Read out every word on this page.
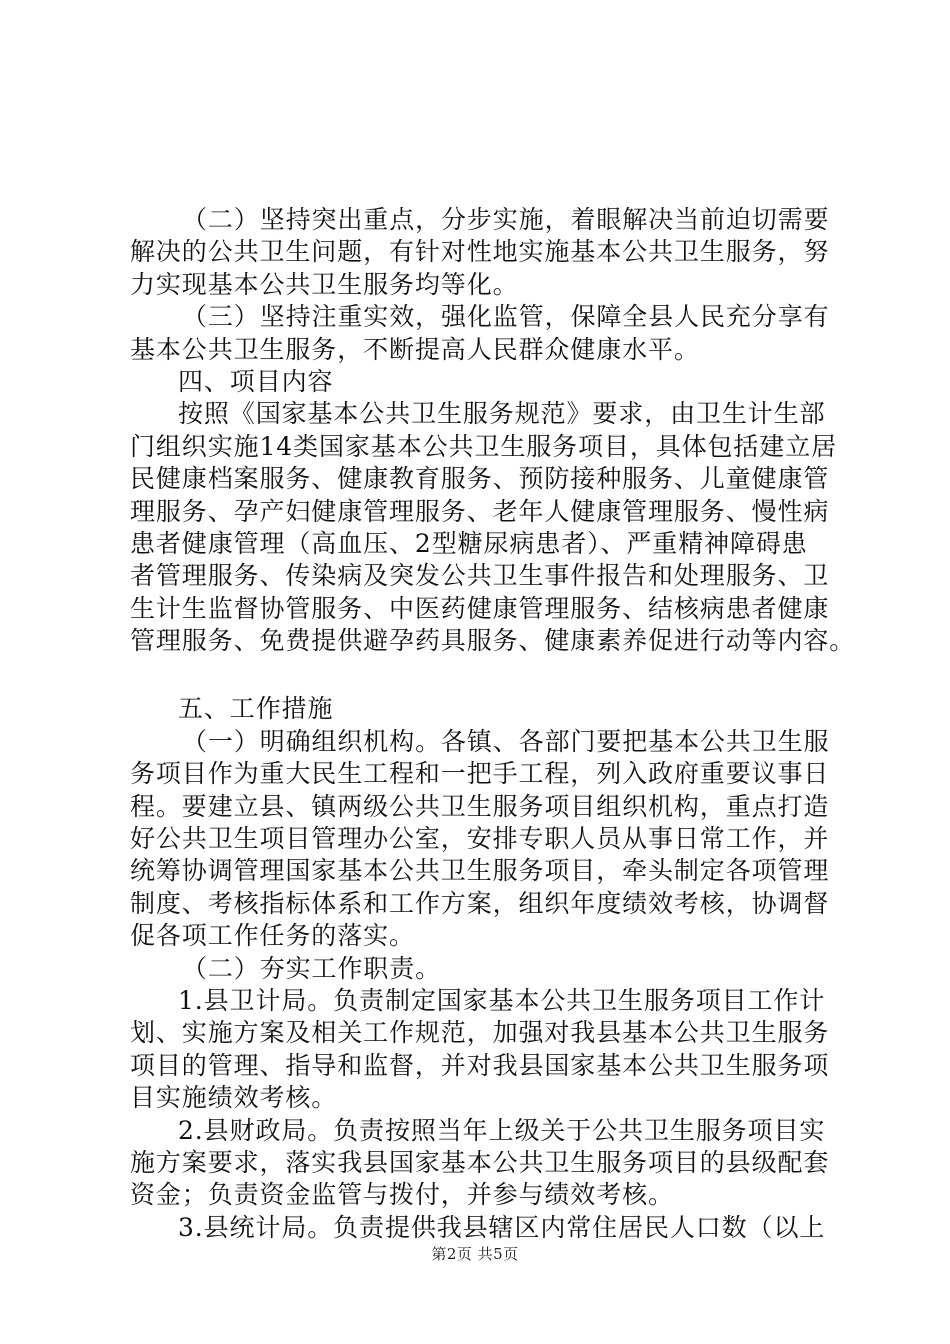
（二）坚持突出重点，分步实施，着眼解决当前迫切需要
解决的公共卫生问题，有针对性地实施基本公共卫生服务，努
力实现基本公共卫生服务均等化。
（三）坚持注重实效，强化监管，保障全县人民充分享有
基本公共卫生服务，不断提高人民群众健康水平。
四、项目内容
按照《国家基本公共卫生服务规范》要求，由卫生计生部
门组织实施14类国家基本公共卫生服务项目，具体包括建立居
民健康档案服务、健康教育服务、预防接种服务、儿童健康管
理服务、孕产妇健康管理服务、老年人健康管理服务、慢性病
患者健康管理（高血压、2型糖尿病患者）、严重精神障碍患
者管理服务、传染病及突发公共卫生事件报告和处理服务、卫
生计生监督协管服务、中医药健康管理服务、结核病患者健康
管理服务、免费提供避孕药具服务、健康素养促进行动等内容。
五、工作措施
（一）明确组织机构。各镇、各部门要把基本公共卫生服
务项目作为重大民生工程和一把手工程，列入政府重要议事日
程。要建立县、镇两级公共卫生服务项目组织机构，重点打造
好公共卫生项目管理办公室，安排专职人员从事日常工作，并
统筹协调管理国家基本公共卫生服务项目，牵头制定各项管理
制度、考核指标体系和工作方案，组织年度绩效考核，协调督
促各项工作任务的落实。
（二）夯实工作职责。
1.县卫计局。负责制定国家基本公共卫生服务项目工作计
划、实施方案及相关工作规范，加强对我县基本公共卫生服务
项目的管理、指导和监督，并对我县国家基本公共卫生服务项
目实施绩效考核。
2.县财政局。负责按照当年上级关于公共卫生服务项目实
施方案要求，落实我县国家基本公共卫生服务项目的县级配套
资金；负责资金监管与拨付，并参与绩效考核。
3.县统计局。负责提供我县辖区内常住居民人口数（以上
第2页 共5页
